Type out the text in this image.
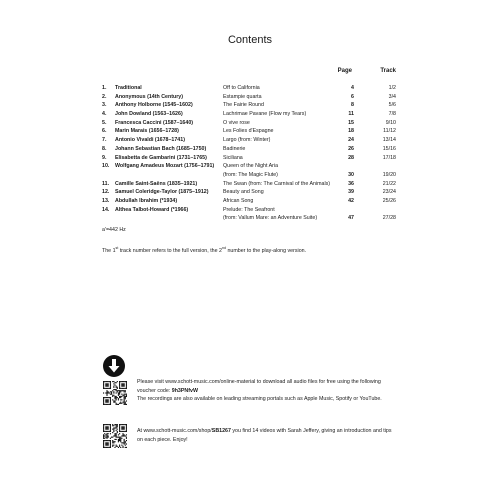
Contents
Page	Track
1.	Traditional	Off to California	4	1/2
2.	Anonymous (14th Century)	Estampie quarta	6	3/4
3.	Anthony Holborne (1545–1602)	The Fairie Round	8	5/6
4.	John Dowland (1563–1626)	Lachrimae Pavane (Flow my Tears)	11	7/8
5.	Francesca Caccini (1587–1640)	O vive rose	15	9/10
6.	Marin Marais (1656–1728)	Les Folies d'Espagne	18	11/12
7.	Antonio Vivaldi (1678–1741)	Largo (from: Winter)	24	13/14
8.	Johann Sebastian Bach (1685–1750)	Badinerie	26	15/16
9.	Elisabetta de Gambarini (1731–1765)	Siciliana	28	17/18
10.	Wolfgang Amadeus Mozart (1756–1791) Queen of the Night Aria
(from: The Magic Flute)	30	19/20
11.	Camille Saint-Saëns (1835–1921)	The Swan (from: The Carnival of the Animals)	36	21/22
12.	Samuel Coleridge-Taylor (1875–1912)	Beauty and Song	39	23/24
13.	Abdullah Ibrahim (*1934)	African Song	42	25/26
14.	Althea Talbot-Howard (*1966)	Prelude: The Seafront
(from: Vallum Mare: an Adventure Suite)	47	27/28
a'=442 Hz
The 1st track number refers to the full version, the 2nd number to the play-along version.
Please visit www.schott-music.com/online-material to download all audio files for free using the following voucher code: 9h3PNfvW
The recordings are also available on leading streaming portals such as Apple Music, Spotify or YouTube.
At www.schott-music.com/shop/SB1267 you find 14 videos with Sarah Jeffery, giving an introduction and tips on each piece. Enjoy!
